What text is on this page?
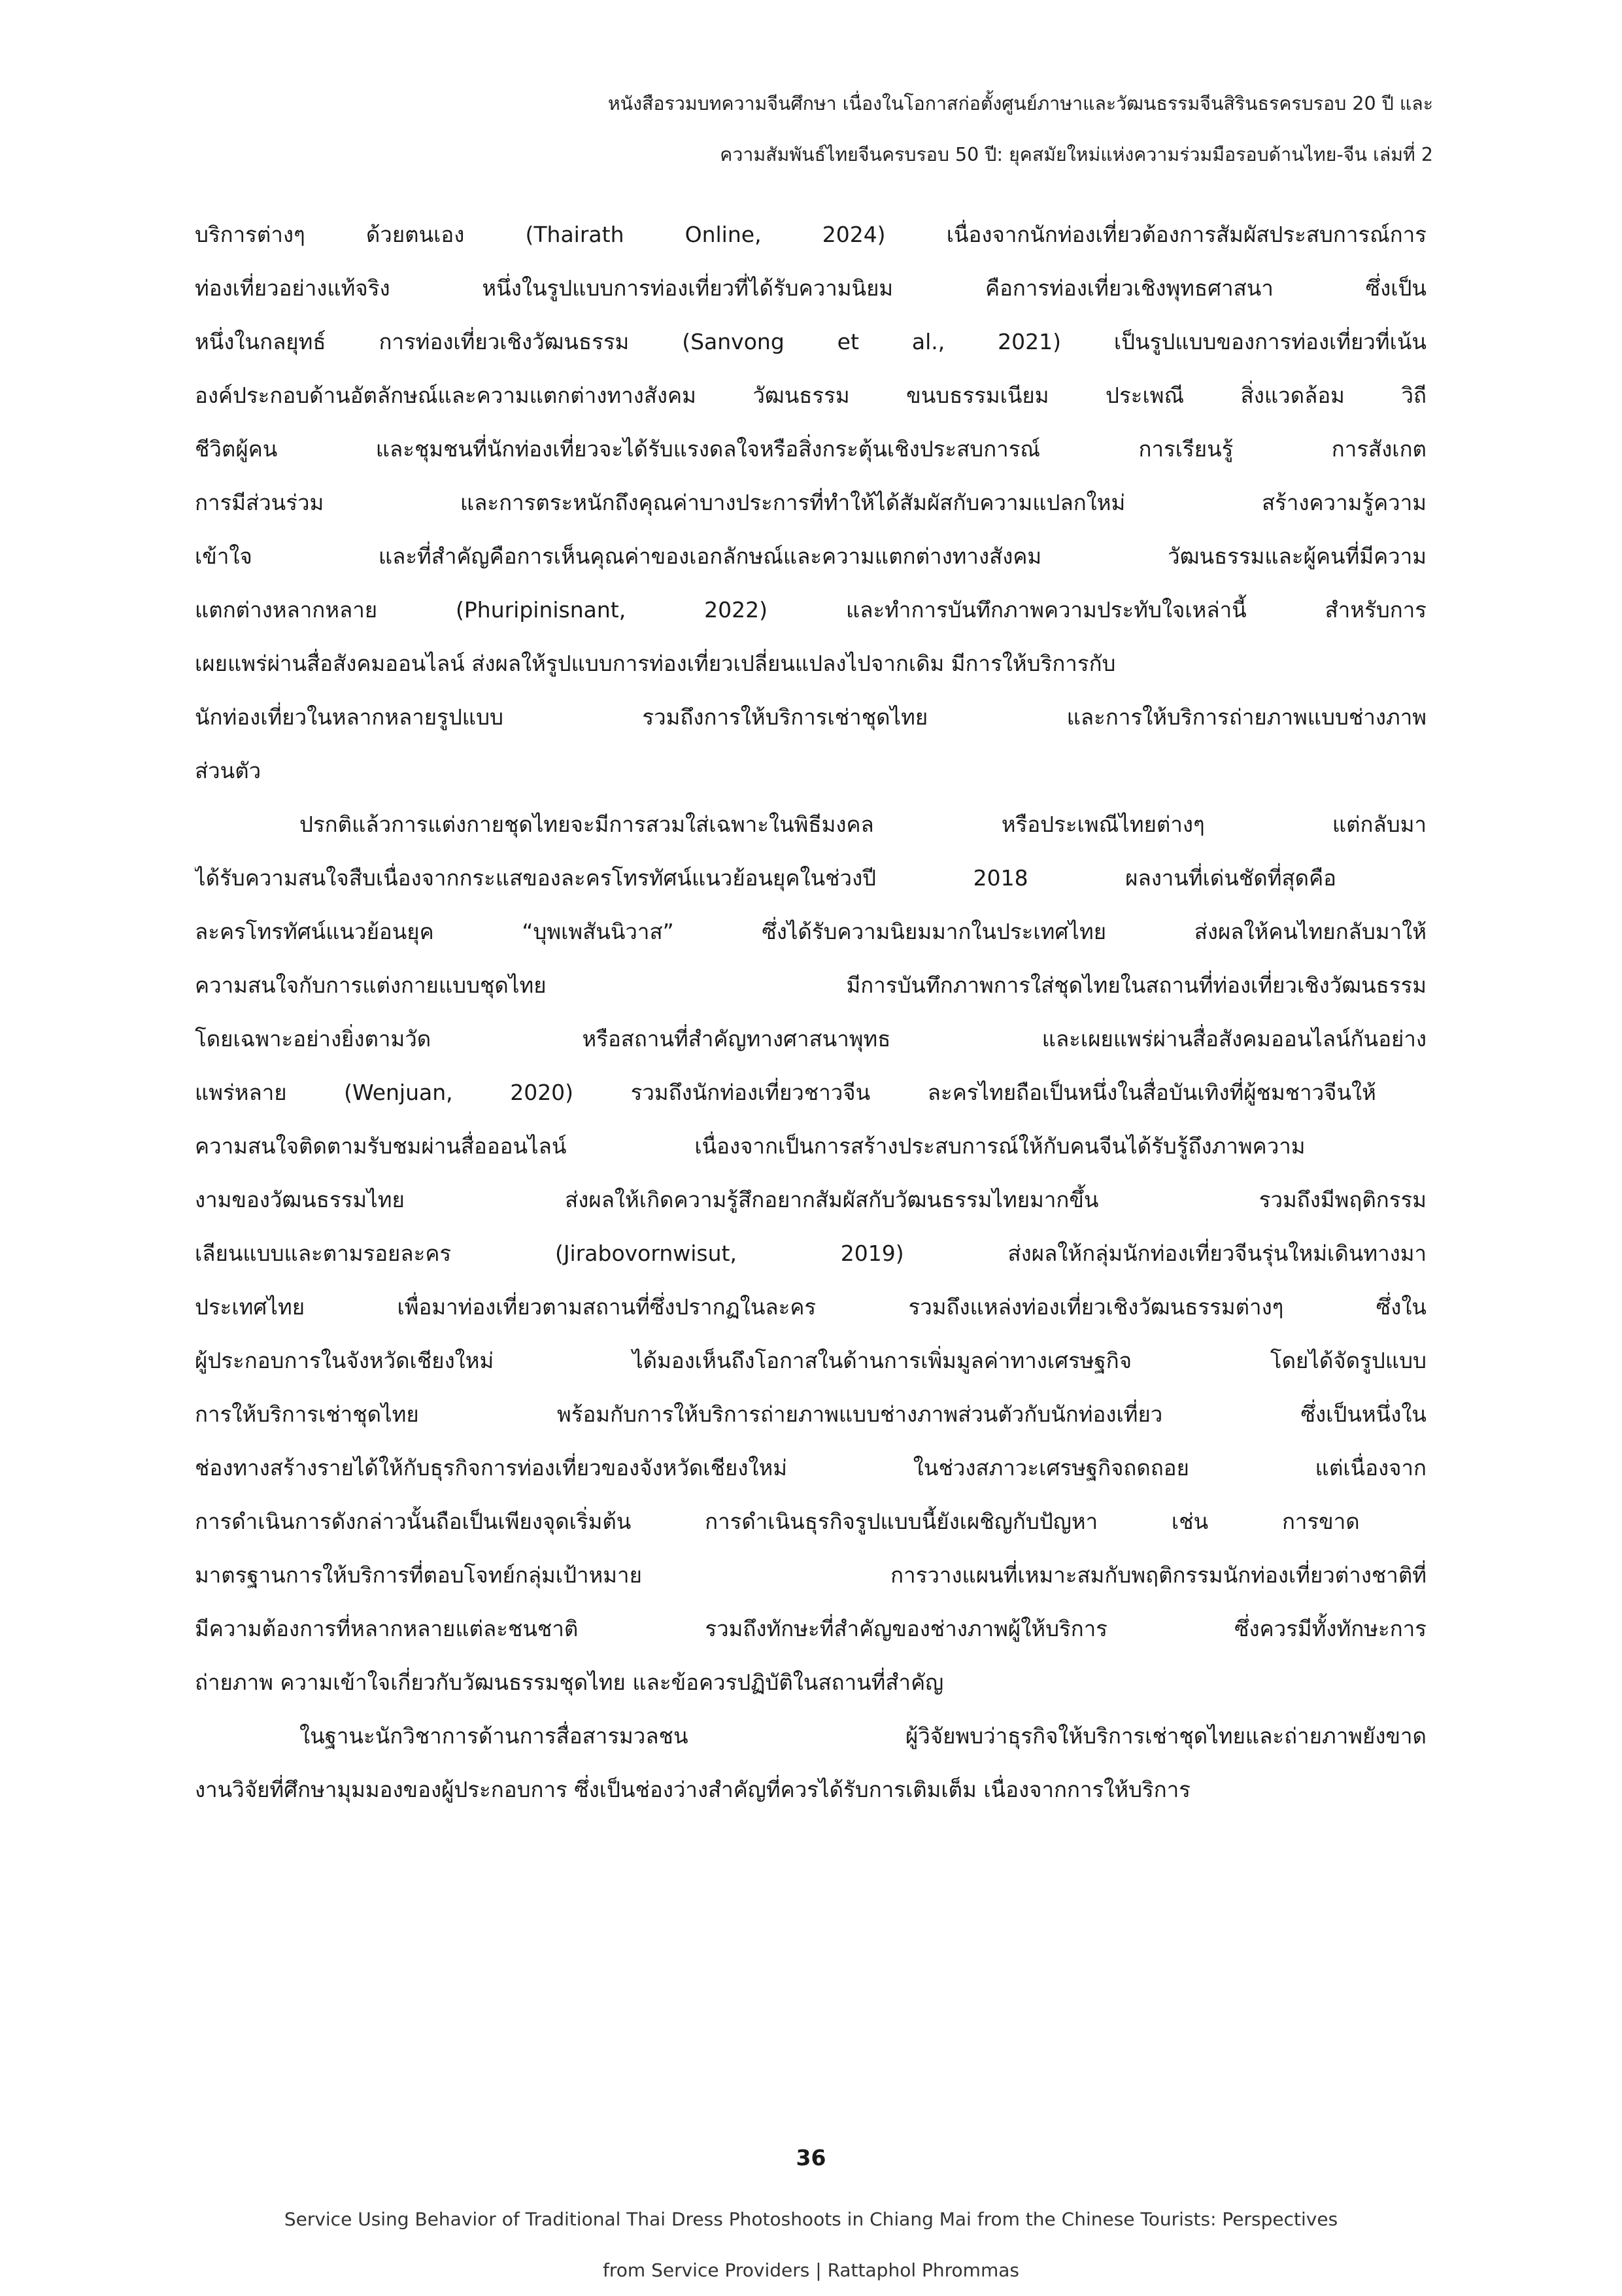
หนังสือรวมบทความจีนศึกษา เนื่องในโอกาสก่อตั้งศูนย์ภาษาและวัฒนธรรมจีนสิรินธรครบรอบ 20 ปี และ
ความสัมพันธ์ไทยจีนครบรอบ 50 ปี: ยุคสมัยใหม่แห่งความร่วมมือรอบด้านไทย-จีน เล่มที่ 2
บริการต่างๆ ด้วยตนเอง (Thairath Online, 2024) เนื่องจากนักท่องเที่ยวต้องการสัมผัสประสบการณ์การ
ท่องเที่ยวอย่างแท้จริง หนึ่งในรูปแบบการท่องเที่ยวที่ได้รับความนิยม คือการท่องเที่ยวเชิงพุทธศาสนา ซึ่งเป็น
หนึ่งในกลยุทธ์ การท่องเที่ยวเชิงวัฒนธรรม (Sanvong et al., 2021) เป็นรูปแบบของการท่องเที่ยวที่เน้น
องค์ประกอบด้านอัตลักษณ์และความแตกต่างทางสังคม วัฒนธรรม ขนบธรรมเนียม ประเพณี สิ่งแวดล้อม วิถี
ชีวิตผู้คน และชุมชนที่นักท่องเที่ยวจะได้รับแรงดลใจหรือสิ่งกระตุ้นเชิงประสบการณ์ การเรียนรู้ การสังเกต
การมีส่วนร่วม และการตระหนักถึงคุณค่าบางประการที่ทำให้ได้สัมผัสกับความแปลกใหม่ สร้างความรู้ความ
เข้าใจ และที่สำคัญคือการเห็นคุณค่าของเอกลักษณ์และความแตกต่างทางสังคม วัฒนธรรมและผู้คนที่มีความ
แตกต่างหลากหลาย (Phuripinisnant, 2022) และทำการบันทึกภาพความประทับใจเหล่านี้ สำหรับการ
เผยแพร่ผ่านสื่อสังคมออนไลน์ ส่งผลให้รูปแบบการท่องเที่ยวเปลี่ยนแปลงไปจากเดิม มีการให้บริการกับ
นักท่องเที่ยวในหลากหลายรูปแบบ รวมถึงการให้บริการเช่าชุดไทย และการให้บริการถ่ายภาพแบบช่างภาพ
ส่วนตัว
ปรกติแล้วการแต่งกายชุดไทยจะมีการสวมใส่เฉพาะในพิธีมงคล หรือประเพณีไทยต่างๆ แต่กลับมา
ได้รับความสนใจสืบเนื่องจากกระแสของละครโทรทัศน์แนวย้อนยุคในช่วงปี 2018 ผลงานที่เด่นชัดที่สุดคือ
ละครโทรทัศน์แนวย้อนยุค “บุพเพสันนิวาส” ซึ่งได้รับความนิยมมากในประเทศไทย ส่งผลให้คนไทยกลับมาให้
ความสนใจกับการแต่งกายแบบชุดไทย มีการบันทึกภาพการใส่ชุดไทยในสถานที่ท่องเที่ยวเชิงวัฒนธรรม
โดยเฉพาะอย่างยิ่งตามวัด หรือสถานที่สำคัญทางศาสนาพุทธ และเผยแพร่ผ่านสื่อสังคมออนไลน์กันอย่าง
แพร่หลาย (Wenjuan, 2020) รวมถึงนักท่องเที่ยวชาวจีน ละครไทยถือเป็นหนึ่งในสื่อบันเทิงที่ผู้ชมชาวจีนให้
ความสนใจติดตามรับชมผ่านสื่อออนไลน์ เนื่องจากเป็นการสร้างประสบการณ์ให้กับคนจีนได้รับรู้ถึงภาพความ
งามของวัฒนธรรมไทย ส่งผลให้เกิดความรู้สึกอยากสัมผัสกับวัฒนธรรมไทยมากขึ้น รวมถึงมีพฤติกรรม
เลียนแบบและตามรอยละคร (Jirabovornwisut, 2019) ส่งผลให้กลุ่มนักท่องเที่ยวจีนรุ่นใหม่เดินทางมา
ประเทศไทย เพื่อมาท่องเที่ยวตามสถานที่ซึ่งปรากฏในละคร รวมถึงแหล่งท่องเที่ยวเชิงวัฒนธรรมต่างๆ ซึ่งใน
ผู้ประกอบการในจังหวัดเชียงใหม่ ได้มองเห็นถึงโอกาสในด้านการเพิ่มมูลค่าทางเศรษฐกิจ โดยได้จัดรูปแบบ
การให้บริการเช่าชุดไทย พร้อมกับการให้บริการถ่ายภาพแบบช่างภาพส่วนตัวกับนักท่องเที่ยว ซึ่งเป็นหนึ่งใน
ช่องทางสร้างรายได้ให้กับธุรกิจการท่องเที่ยวของจังหวัดเชียงใหม่ ในช่วงสภาวะเศรษฐกิจถดถอย แต่เนื่องจาก
การดำเนินการดังกล่าวนั้นถือเป็นเพียงจุดเริ่มต้น การดำเนินธุรกิจรูปแบบนี้ยังเผชิญกับปัญหา เช่น การขาด
มาตรฐานการให้บริการที่ตอบโจทย์กลุ่มเป้าหมาย การวางแผนที่เหมาะสมกับพฤติกรรมนักท่องเที่ยวต่างชาติที่
มีความต้องการที่หลากหลายแต่ละชนชาติ รวมถึงทักษะที่สำคัญของช่างภาพผู้ให้บริการ ซึ่งควรมีทั้งทักษะการ
ถ่ายภาพ ความเข้าใจเกี่ยวกับวัฒนธรรมชุดไทย และข้อควรปฏิบัติในสถานที่สำคัญ
ในฐานะนักวิชาการด้านการสื่อสารมวลชน ผู้วิจัยพบว่าธุรกิจให้บริการเช่าชุดไทยและถ่ายภาพยังขาด
งานวิจัยที่ศึกษามุมมองของผู้ประกอบการ ซึ่งเป็นช่องว่างสำคัญที่ควรได้รับการเติมเต็ม เนื่องจากการให้บริการ
36
Service Using Behavior of Traditional Thai Dress Photoshoots in Chiang Mai from the Chinese Tourists: Perspectives
from Service Providers | Rattaphol Phrommas
